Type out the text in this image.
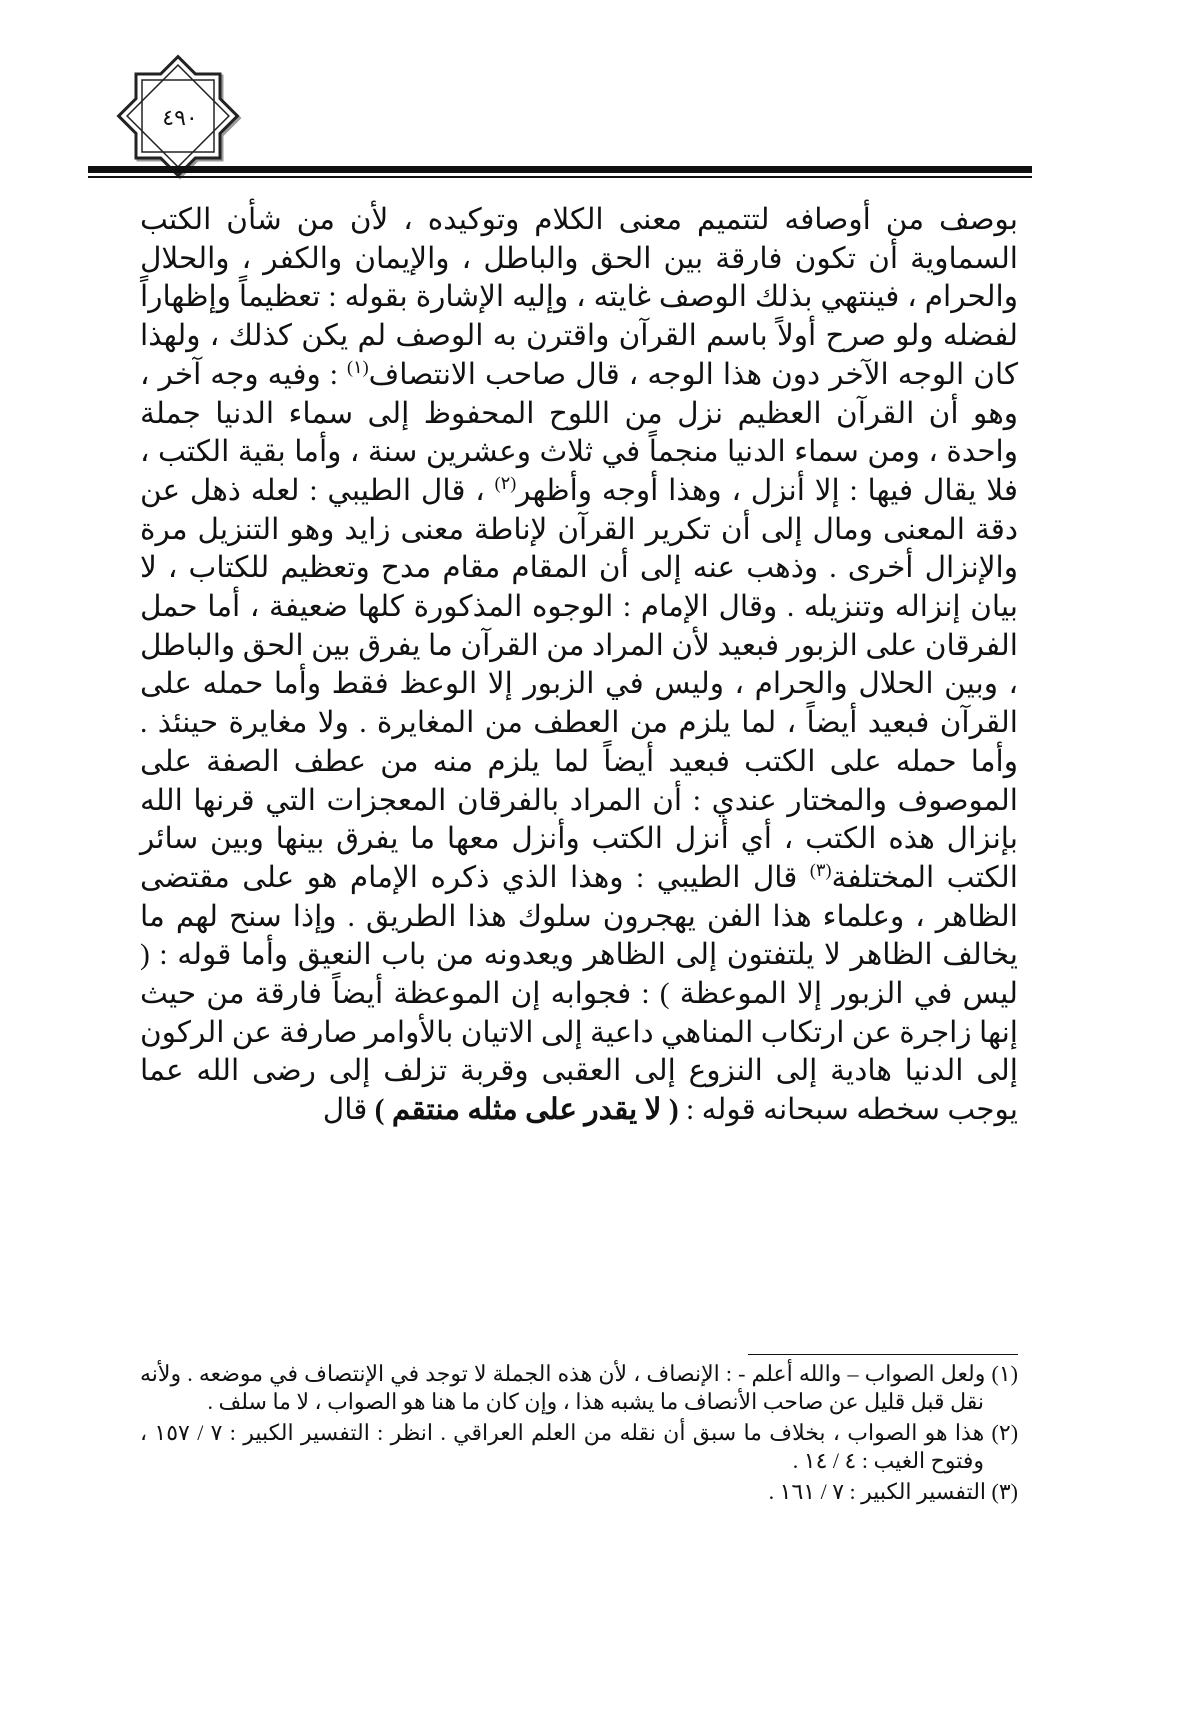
٤٩٠

بوصف من أوصافه لتتميم معنى الكلام وتوكيده ، لأن من شأن الكتب السماوية أن تكون فارقة بين الحق والباطل ، والإيمان والكفر ، والحلال والحرام ، فينتهي بذلك الوصف غايته ، وإليه الإشارة بقوله : تعظيماً وإظهاراً لفضله ولو صرح أولاً باسم القرآن واقترن به الوصف لم يكن كذلك ، ولهذا كان الوجه الآخر دون هذا الوجه ، قال صاحب الانتصاف$^{(١)}$ : وفيه وجه آخر ، وهو أن القرآن العظيم نزل من اللوح المحفوظ إلى سماء الدنيا جملة واحدة ، ومن سماء الدنيا منجماً في ثلاث وعشرين سنة ، وأما بقية الكتب ، فلا يقال فيها : إلا أنزل ، وهذا أوجه وأظهر$^{(٢)}$ ، قال الطيبي : لعله ذهل عن دقة المعنى ومال إلى أن تكرير القرآن لإناطة معنى زايد وهو التنزيل مرة والإنزال أخرى . وذهب عنه إلى أن المقام مقام مدح وتعظيم للكتاب ، لا بيان إنزاله وتنزيله . وقال الإمام : الوجوه المذكورة كلها ضعيفة ، أما حمل الفرقان على الزبور فبعيد لأن المراد من القرآن ما يفرق بين الحق والباطل ، وبين الحلال والحرام ، وليس في الزبور إلا الوعظ فقط وأما حمله على القرآن فبعيد أيضاً ، لما يلزم من العطف من المغايرة . ولا مغايرة حينئذ . وأما حمله على الكتب فبعيد أيضاً لما يلزم منه من عطف الصفة على الموصوف والمختار عندي : أن المراد بالفرقان المعجزات التي قرنها الله بإنزال هذه الكتب ، أي أنزل الكتب وأنزل معها ما يفرق بينها وبين سائر الكتب المختلفة$^{(٣)}$ قال الطيبي : وهذا الذي ذكره الإمام هو على مقتضى الظاهر ، وعلماء هذا الفن يهجرون سلوك هذا الطريق . وإذا سنح لهم ما يخالف الظاهر لا يلتفتون إلى الظاهر ويعدونه من باب النعيق وأما قوله : ( ليس في الزبور إلا الموعظة ) : فجوابه إن الموعظة أيضاً فارقة من حيث إنها زاجرة عن ارتكاب المناهي داعية إلى الاتيان بالأوامر صارفة عن الركون إلى الدنيا هادية إلى النزوع إلى العقبى وقربة تزلف إلى رضى الله عما يوجب سخطه سبحانه قوله : ( لا يقدر على مثله منتقم ) قال

(١) ولعل الصواب – والله أعلم - : الإنصاف ، لأن هذه الجملة لا توجد في الإنتصاف في موضعه . ولأنه نقل قبل قليل عن صاحب الأنصاف ما يشبه هذا ، وإن كان ما هنا هو الصواب ، لا ما سلف .
(٢) هذا هو الصواب ، بخلاف ما سبق أن نقله من العلم العراقي . انظر : التفسير الكبير : ٧ / ١٥٧ ، وفتوح الغيب : ٤ / ١٤ .
(٣) التفسير الكبير : ٧ / ١٦١ .
